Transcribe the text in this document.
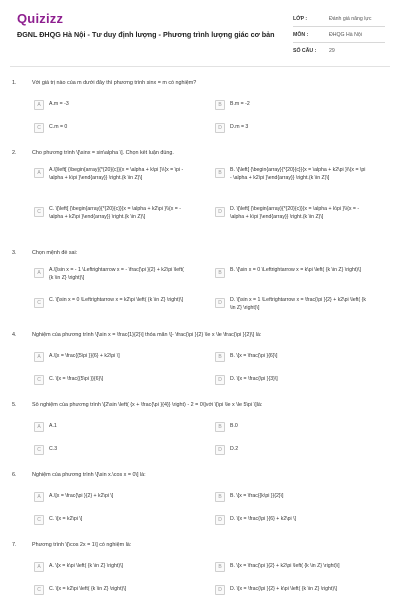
Quizizz
ĐGNL ĐHQG Hà Nội - Tư duy định lượng - Phương trình lượng giác cơ bản
LỚP :	Đánh giá năng lực
MÔN :	ĐHQG Hà Nội
SỐ CÂU :	29
1.	Với giá trị nào của m dưới đây thì phương trình sinx = m có nghiệm?
A	A.m = -3	B	B.m = -2
C	C.m = 0	D	D.m = 3
2.	Cho phương trình \[\sinx = sin\alpha \]. Chọn kết luận đúng.
A	A.\[\left[ {\begin{array}{*{20}{c}}{x = \alpha + k\pi }\\{x = \pi - \alpha + k\pi }\end{array}} \right.(k \in Z)\]
B	B. \[\left[ {\begin{array}{*{20}{c}}{x = \alpha + k2\pi }\\{x = \pi - \alpha + k2\pi }\end{array}} \right.(k \in Z)\]
C	C. \[\left[ {\begin{array}{*{20}{c}}{x = \alpha + k2\pi }\\{x = - \alpha + k2\pi }\end{array}} \right.(k \in Z)\]
D	D. \[\left[ {\begin{array}{*{20}{c}}{x = \alpha + k\pi }\\{x = - \alpha + k\pi }\end{array}} \right.(k \in Z)\]
3.	Chọn mệnh đề sai:
A	A.\[\sin x = - 1 \Leftrightarrow x = - \frac{\pi }{2} + k2\pi \left( {k \in Z} \right)\]
B	B. \[\sin x = 0 \Leftrightarrow x = k\pi \left( {k \in Z} \right)\]
C	C. \[\sin x = 0 \Leftrightarrow x = k2\pi \left( {k \in Z} \right)\]	D	D. \[\sin x = 1 \Leftrightarrow x = \frac{\pi }{2} + k2\pi \left( {k \in Z} \right)\]
4.	Nghiệm của phương trình \[\sin x = \frac{1}{2}\] thỏa mãn \[- \frac{\pi }{2} \le x \le \frac{\pi }{2}\] là:
A	A.\[x = \frac{{5\pi }}{6} + k2\pi \]	B	B. \[x = \frac{\pi }{6}\]
C	C. \[x = \frac{{5\pi }}{6}\]	D	D. \[x = \frac{\pi }{3}\]
5.	Số nghiệm của phương trình \[2\sin \left( {x + \frac{\pi }{4}} \right) - 2 = 0\]với \[\pi \le x \le 5\pi \]là:
A	A.1	B	B.0
C	C.3	D	D.2
6.	Nghiệm của phương trình \[\sin x.\cos x = 0\] là:
A	A.\[x = \frac{\pi }{2} + k2\pi \]	B	B. \[x = \frac{{k\pi }}{2}\]
C	C. \[x = k2\pi \]	D	D. \[x = \frac{\pi }{6} + k2\pi \]
7.	Phương trình \[\cos 2x = 1\] có nghiệm là:
A	A. \[x = k\pi \left( {k \in Z} \right)\]	B	B. \[x = \frac{\pi }{2} + k2\pi \left( {k \in Z} \right)\]
C	C. \[x = k2\pi \left( {k \in Z} \right)\]	D	D. \[x = \frac{\pi }{2} + k\pi \left( {k \in Z} \right)\]
